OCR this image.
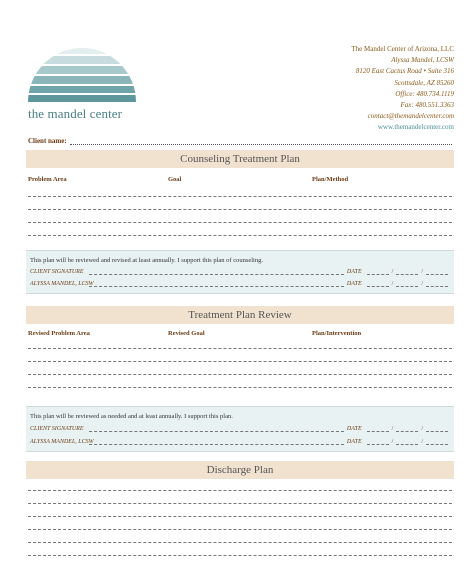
the mandel center
The Mandel Center of Arizona, LLC
Alyssa Mandel, LCSW
8120 East Cactus Road • Suite 316
Scottsdale, AZ 85260
Office: 480.734.1119
Fax: 480.551.3363
contact@themandelcenter.com
www.themandelcenter.com
Client name:
Counseling Treatment Plan
Problem Area	Goal	Plan/Method
This plan will be reviewed and revised at least annually. I support this plan of counseling.
CLIENT SIGNATURE	DATE	/	/
ALYSSA MANDEL, LCSW	DATE	/	/
Treatment Plan Review
Revised Problem Area	Revised Goal	Plan/Intervention
This plan will be reviewed as needed and at least annually. I support this plan.
CLIENT SIGNATURE	DATE	/	/
ALYSSA MANDEL, LCSW	DATE	/	/
Discharge Plan
